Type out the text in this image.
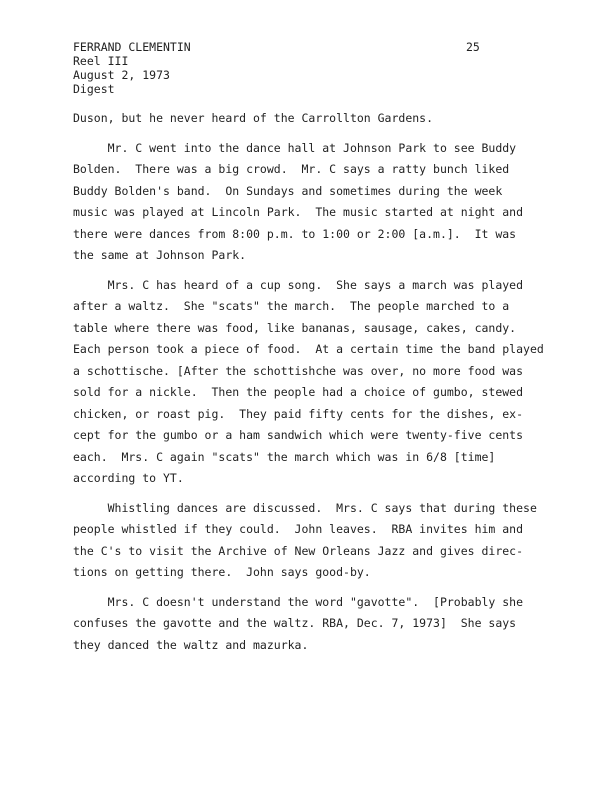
FERRAND CLEMENTIN
Reel III
August 2, 1973
Digest
25
Duson, but he never heard of the Carrollton Gardens.
Mr. C went into the dance hall at Johnson Park to see Buddy
Bolden.  There was a big crowd.  Mr. C says a ratty bunch liked
Buddy Bolden's band.  On Sundays and sometimes during the week
music was played at Lincoln Park.  The music started at night and
there were dances from 8:00 p.m. to 1:00 or 2:00 [a.m.].  It was
the same at Johnson Park.
Mrs. C has heard of a cup song.  She says a march was played
after a waltz.  She "scats" the march.  The people marched to a
table where there was food, like bananas, sausage, cakes, candy.
Each person took a piece of food.  At a certain time the band played
a schottische. [After the schottishche was over, no more food was
sold for a nickle.  Then the people had a choice of gumbo, stewed
chicken, or roast pig.  They paid fifty cents for the dishes, ex-
cept for the gumbo or a ham sandwich which were twenty-five cents
each.  Mrs. C again "scats" the march which was in 6/8 [time]
according to YT.
Whistling dances are discussed.  Mrs. C says that during these
people whistled if they could.  John leaves.  RBA invites him and
the C's to visit the Archive of New Orleans Jazz and gives direc-
tions on getting there.  John says good-by.
Mrs. C doesn't understand the word "gavotte".  [Probably she
confuses the gavotte and the waltz. RBA, Dec. 7, 1973]  She says
they danced the waltz and mazurka.
